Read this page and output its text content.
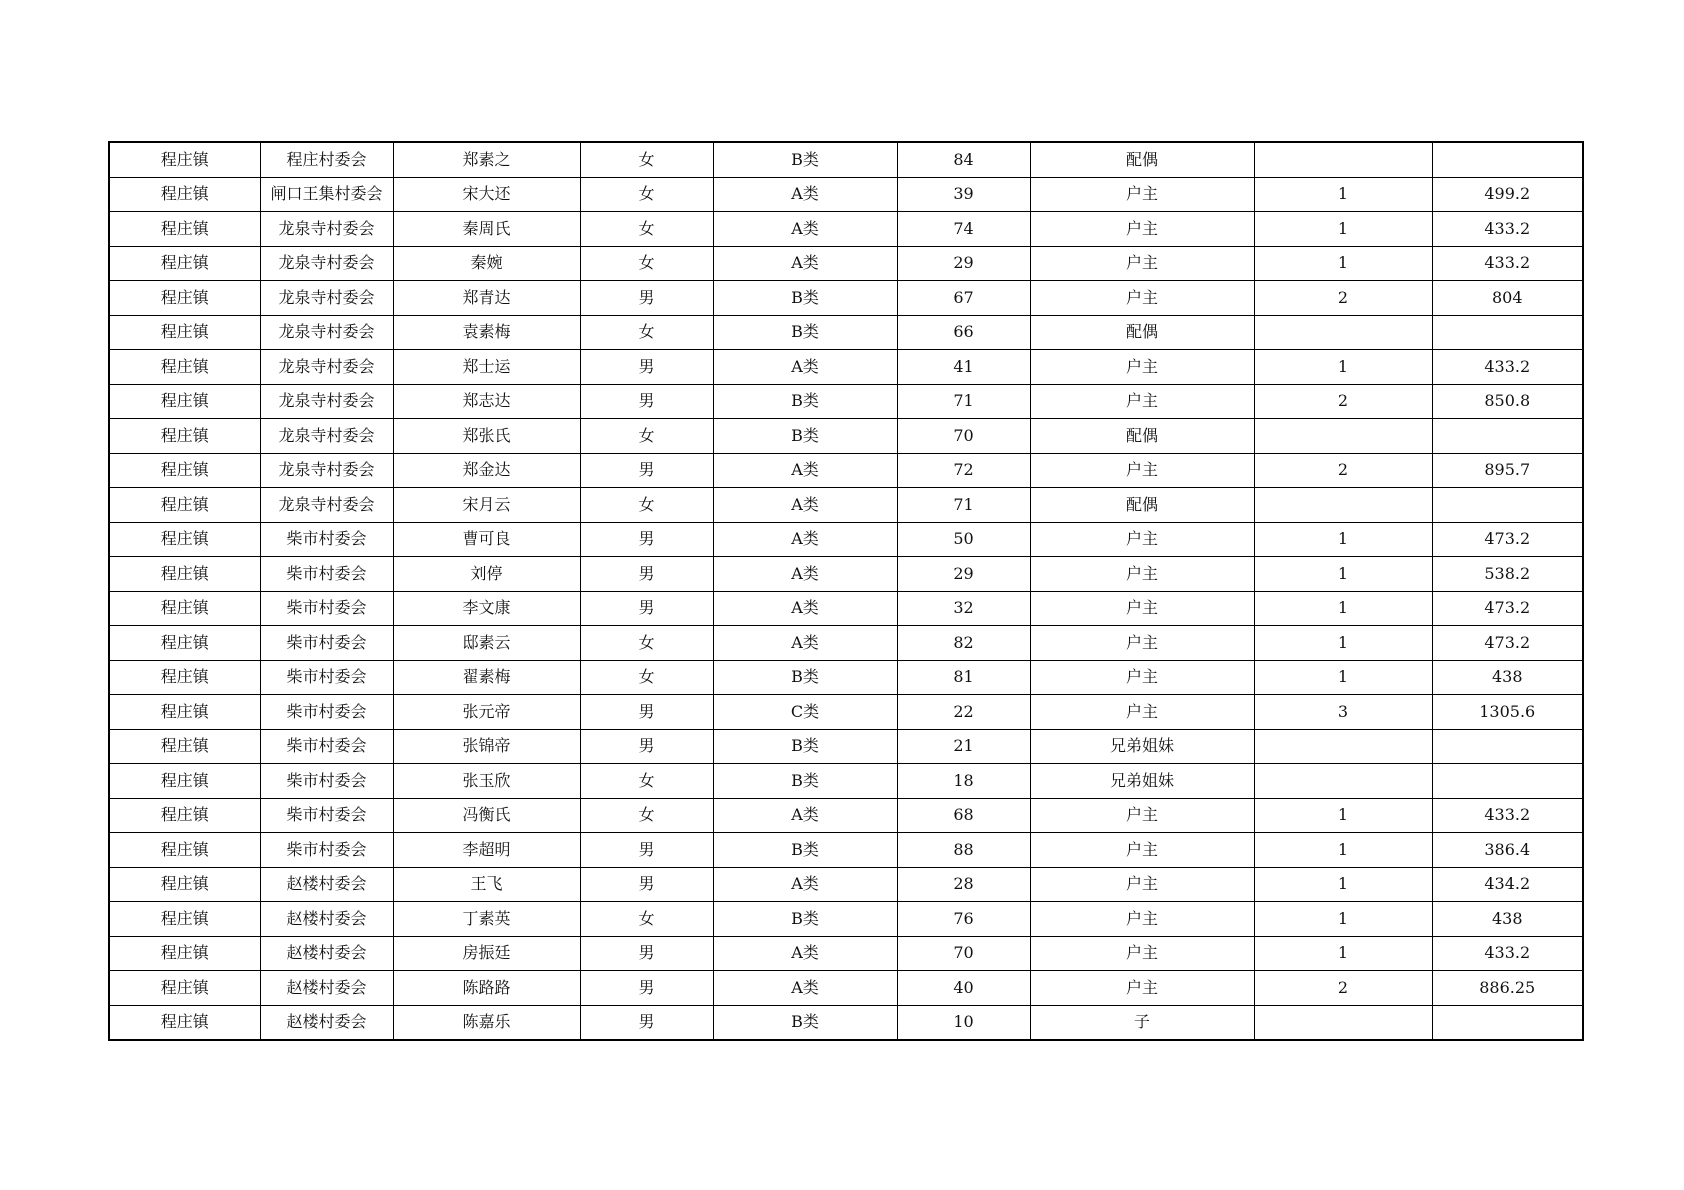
程庄镇	程庄村委会	郑素之	女	B类	84	配偶		
程庄镇	闸口王集村委会	宋大还	女	A类	39	户主	1	499.2
程庄镇	龙泉寺村委会	秦周氏	女	A类	74	户主	1	433.2
程庄镇	龙泉寺村委会	秦婉	女	A类	29	户主	1	433.2
程庄镇	龙泉寺村委会	郑青达	男	B类	67	户主	2	804
程庄镇	龙泉寺村委会	袁素梅	女	B类	66	配偶		
程庄镇	龙泉寺村委会	郑士运	男	A类	41	户主	1	433.2
程庄镇	龙泉寺村委会	郑志达	男	B类	71	户主	2	850.8
程庄镇	龙泉寺村委会	郑张氏	女	B类	70	配偶		
程庄镇	龙泉寺村委会	郑金达	男	A类	72	户主	2	895.7
程庄镇	龙泉寺村委会	宋月云	女	A类	71	配偶		
程庄镇	柴市村委会	曹可良	男	A类	50	户主	1	473.2
程庄镇	柴市村委会	刘停	男	A类	29	户主	1	538.2
程庄镇	柴市村委会	李文康	男	A类	32	户主	1	473.2
程庄镇	柴市村委会	邸素云	女	A类	82	户主	1	473.2
程庄镇	柴市村委会	翟素梅	女	B类	81	户主	1	438
程庄镇	柴市村委会	张元帝	男	C类	22	户主	3	1305.6
程庄镇	柴市村委会	张锦帝	男	B类	21	兄弟姐妹		
程庄镇	柴市村委会	张玉欣	女	B类	18	兄弟姐妹		
程庄镇	柴市村委会	冯衡氏	女	A类	68	户主	1	433.2
程庄镇	柴市村委会	李超明	男	B类	88	户主	1	386.4
程庄镇	赵楼村委会	王飞	男	A类	28	户主	1	434.2
程庄镇	赵楼村委会	丁素英	女	B类	76	户主	1	438
程庄镇	赵楼村委会	房振廷	男	A类	70	户主	1	433.2
程庄镇	赵楼村委会	陈路路	男	A类	40	户主	2	886.25
程庄镇	赵楼村委会	陈嘉乐	男	B类	10	子		
